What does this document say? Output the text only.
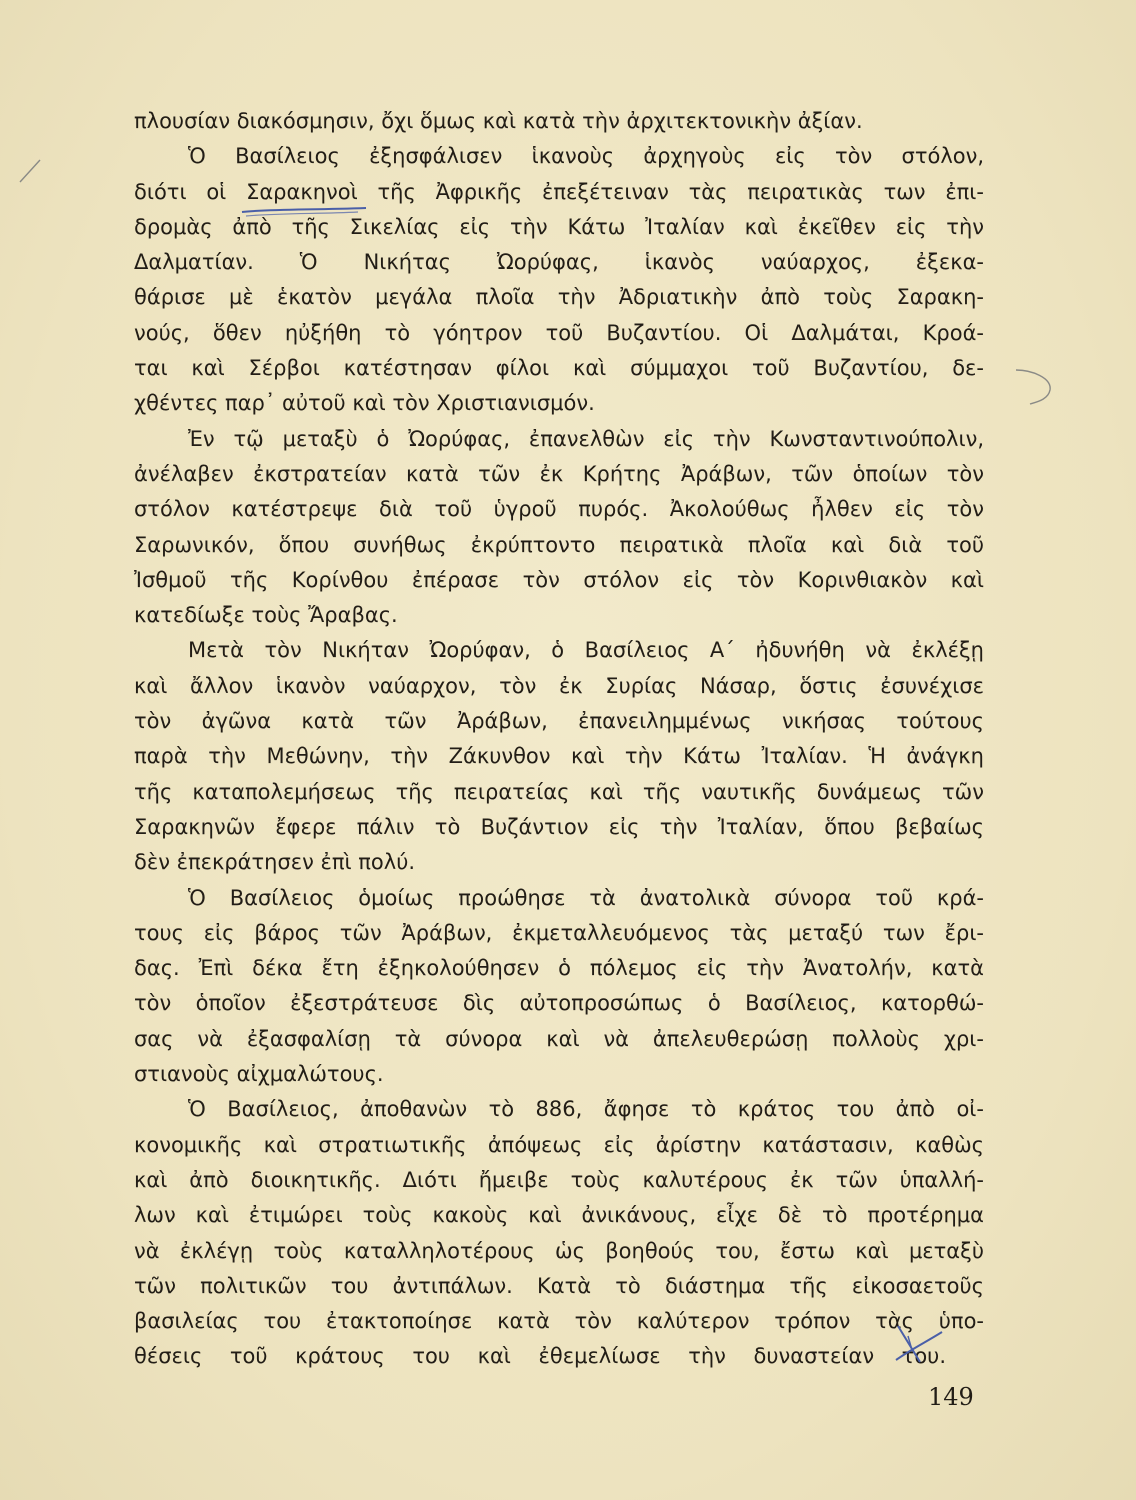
πλουσίαν διακόσμησιν, ὄχι ὅμως καὶ κατὰ τὴν ἀρχιτεκτονικὴν ἀξίαν.
Ὁ Βασίλειος ἐξησφάλισεν ἱκανοὺς ἀρχηγοὺς εἰς τὸν στόλον,
διότι οἱ Σαρακηνοὶ τῆς Ἀφρικῆς ἐπεξέτειναν τὰς πειρατικὰς των ἐπι-
δρομὰς ἀπὸ τῆς Σικελίας εἰς τὴν Κάτω Ἰταλίαν καὶ ἐκεῖθεν εἰς τὴν
Δαλματίαν. Ὁ Νικήτας Ὠορύφας, ἱκανὸς ναύαρχος, ἐξεκα-
θάρισε μὲ ἑκατὸν μεγάλα πλοῖα τὴν Ἀδριατικὴν ἀπὸ τοὺς Σαρακη-
νούς, ὅθεν ηὐξήθη τὸ γόητρον τοῦ Βυζαντίου. Οἱ Δαλμάται, Κροά-
ται καὶ Σέρβοι κατέστησαν φίλοι καὶ σύμμαχοι τοῦ Βυζαντίου, δε-
χθέντες παρ᾽ αὐτοῦ καὶ τὸν Χριστιανισμόν.
Ἐν τῷ μεταξὺ ὁ Ὠορύφας, ἐπανελθὼν εἰς τὴν Κωνσταντινούπολιν,
ἀνέλαβεν ἐκστρατείαν κατὰ τῶν ἐκ Κρήτης Ἀράβων, τῶν ὁποίων τὸν
στόλον κατέστρεψε διὰ τοῦ ὑγροῦ πυρός. Ἀκολούθως ἦλθεν εἰς τὸν
Σαρωνικόν, ὅπου συνήθως ἐκρύπτοντο πειρατικὰ πλοῖα καὶ διὰ τοῦ
Ἰσθμοῦ τῆς Κορίνθου ἐπέρασε τὸν στόλον εἰς τὸν Κορινθιακὸν καὶ
κατεδίωξε τοὺς Ἄραβας.
Μετὰ τὸν Νικήταν Ὠορύφαν, ὁ Βασίλειος Α΄ ἠδυνήθη νὰ ἐκλέξῃ
καὶ ἄλλον ἱκανὸν ναύαρχον, τὸν ἐκ Συρίας Νάσαρ, ὅστις ἐσυνέχισε
τὸν ἀγῶνα κατὰ τῶν Ἀράβων, ἐπανειλημμένως νικήσας τούτους
παρὰ τὴν Μεθώνην, τὴν Ζάκυνθον καὶ τὴν Κάτω Ἰταλίαν. Ἡ ἀνάγκη
τῆς καταπολεμήσεως τῆς πειρατείας καὶ τῆς ναυτικῆς δυνάμεως τῶν
Σαρακηνῶν ἔφερε πάλιν τὸ Βυζάντιον εἰς τὴν Ἰταλίαν, ὅπου βεβαίως
δὲν ἐπεκράτησεν ἐπὶ πολύ.
Ὁ Βασίλειος ὁμοίως προώθησε τὰ ἀνατολικὰ σύνορα τοῦ κρά-
τους εἰς βάρος τῶν Ἀράβων, ἐκμεταλλευόμενος τὰς μεταξύ των ἔρι-
δας. Ἐπὶ δέκα ἔτη ἐξηκολούθησεν ὁ πόλεμος εἰς τὴν Ἀνατολήν, κατὰ
τὸν ὁποῖον ἐξεστράτευσε δὶς αὐτοπροσώπως ὁ Βασίλειος, κατορθώ-
σας νὰ ἐξασφαλίσῃ τὰ σύνορα καὶ νὰ ἀπελευθερώσῃ πολλοὺς χρι-
στιανοὺς αἰχμαλώτους.
Ὁ Βασίλειος, ἀποθανὼν τὸ 886, ἄφησε τὸ κράτος του ἀπὸ οἰ-
κονομικῆς καὶ στρατιωτικῆς ἀπόψεως εἰς ἀρίστην κατάστασιν, καθὼς
καὶ ἀπὸ διοικητικῆς. Διότι ἤμειβε τοὺς καλυτέρους ἐκ τῶν ὑπαλλή-
λων καὶ ἐτιμώρει τοὺς κακοὺς καὶ ἀνικάνους, εἶχε δὲ τὸ προτέρημα
νὰ ἐκλέγῃ τοὺς καταλληλοτέρους ὡς βοηθούς του, ἔστω καὶ μεταξὺ
τῶν πολιτικῶν του ἀντιπάλων. Κατὰ τὸ διάστημα τῆς εἰκοσαετοῦς
βασιλείας του ἐτακτοποίησε κατὰ τὸν καλύτερον τρόπον τὰς ὑπο-
θέσεις τοῦ κράτους του καὶ ἐθεμελίωσε τὴν δυναστείαν του.
149
